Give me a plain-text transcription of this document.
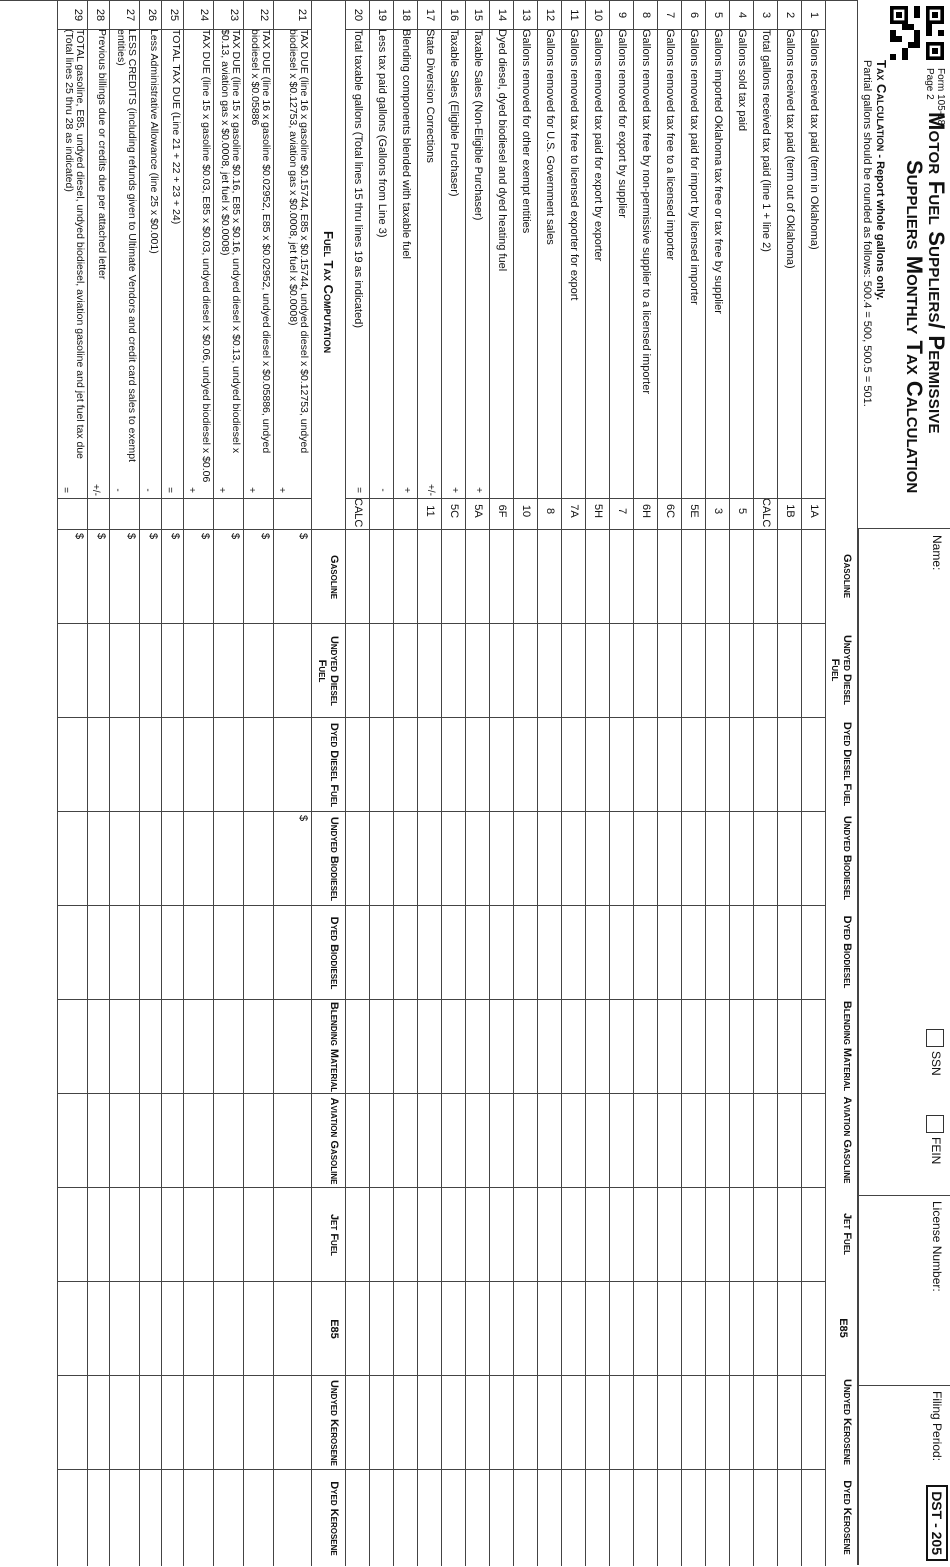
Form 105-18
Page 2
Motor Fuel Suppliers/ Permissive
Suppliers Monthly Tax Calculation
Tax Calculation - Report whole gallons only.
Partial gallons should be rounded as follows: 500.4 = 500, 500.5 = 501.
Name:
SSN
FEIN
License Number:
Filing Period:
DST - 205
Gasoline
Undyed Diesel Fuel
Dyed Diesel Fuel
Undyed Biodiesel
Dyed Biodiesel
Blending Material
Aviation Gasoline
Jet Fuel
E85
Undyed Kerosene
Dyed Kerosene
1
Gallons received tax paid (term in Oklahoma)
1A
2
Gallons received tax paid (term out of Oklahoma)
1B
3
Total gallons received tax paid (line 1 + line 2)
CALC
4
Gallons sold tax paid
5
5
Gallons imported Oklahoma tax free or tax free by supplier
3
6
Gallons removed tax paid for import by licensed importer
5E
7
Gallons removed tax free to a licensed importer
6C
8
Gallons removed tax free by non-permissive supplier to a licensed importer
6H
9
Gallons removed for export by supplier
7
10
Gallons removed tax paid for export by exporter
5H
11
Gallons removed tax free to licensed exporter for export
7A
12
Gallons removed for U.S. Government sales
8
13
Gallons removed for other exempt entities
10
14
Dyed diesel, dyed biodiesel and dyed heating fuel
6F
15
Taxable Sales (Non-Eligible Purchaser)
+
5A
16
Taxable Sales (Eligible Purchaser)
+
5C
17
State Diversion Corrections
+/-
11
18
Blending components blended with taxable fuel
+
19
Less tax paid gallons (Gallons from Line 3)
-
20
Total taxable gallons (Total lines 15 thru lines 19 as indicated)
=
CALC
Fuel Tax Computation
Gasoline
Undyed Diesel Fuel
Dyed Diesel Fuel
Undyed Biodiesel
Dyed Biodiesel
Blending Material
Aviation Gasoline
Jet Fuel
E85
Undyed Kerosene
Dyed Kerosene
21
TAX DUE (line 16 x gasoline $0.15744, E85 x $0.15744, undyed diesel x $0.12753, undyed biodiesel x $0.12753, aviation gas x $0.0008, jet fuel x $0.0008)
+
$
$
22
TAX DUE (line 16 x gasoline $0.02952, E85 x $0.02952, undyed diesel x $0.05886, undyed biodiesel x $0.05886
+
$
23
TAX DUE (line 15 x gasoline $0.16, E85 x $0.16, undyed diesel x $0.13, undyed biodiesel x $0.13, aviation gas x $0.0008, jet fuel x $0.0008)
+
$
24
TAX DUE (line 15 x gasoline $0.03, E85 x $0.03, undyed diesel x $0.06, undyed biodiesel x $0.06
+
$
25
TOTAL TAX DUE (Line 21 + 22 + 23 + 24)
=
$
26
Less Administrative Allowance (line 25 x $0.001)
-
$
27
LESS CREDITS (including refunds given to Ultimate Vendors and credit card sales to exempt entities)
-
$
28
Previous billings due or credits due per attached letter
+/-
$
29
TOTAL gasoline, E85, undyed diesel, undyed biodiesel, aviation gasoline and jet fuel tax due (Total lines 25 thru 28 as indicated)
=
$
